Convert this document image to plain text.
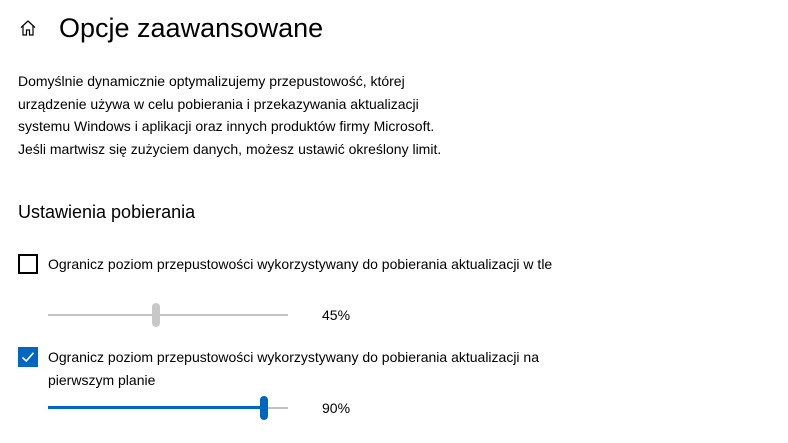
Opcje zaawansowane
Domyślnie dynamicznie optymalizujemy przepustowość, której urządzenie używa w celu pobierania i przekazywania aktualizacji systemu Windows i aplikacji oraz innych produktów firmy Microsoft. Jeśli martwisz się zużyciem danych, możesz ustawić określony limit.
Ustawienia pobierania
Ogranicz poziom przepustowości wykorzystywany do pobierania aktualizacji w tle
45%
Ogranicz poziom przepustowości wykorzystywany do pobierania aktualizacji na pierwszym planie
90%
